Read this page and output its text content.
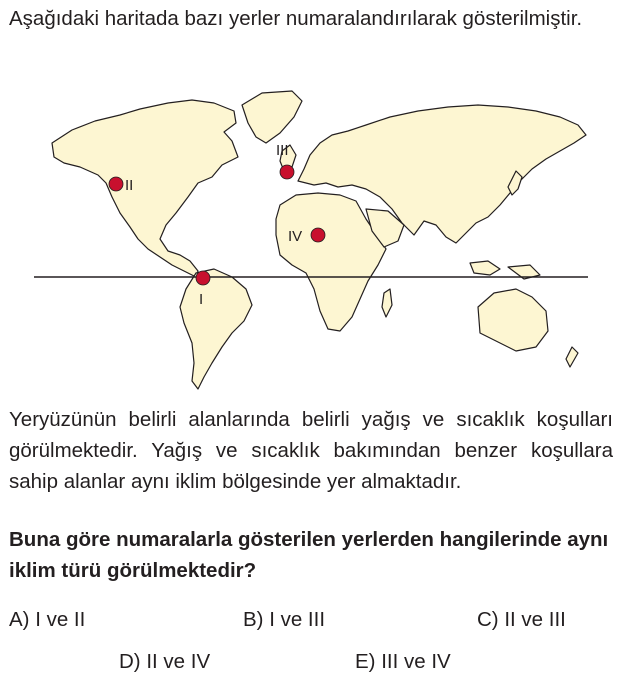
Aşağıdaki haritada bazı yerler numaralandırılarak gösterilmiştir.

II
III
IV
I

Yeryüzünün belirli alanlarında belirli yağış ve sıcaklık koşulları görülmektedir. Yağış ve sıcaklık bakımından benzer koşullara sahip alanlar aynı iklim bölgesinde yer almaktadır.

Buna göre numaralarla gösterilen yerlerden hangilerinde aynı iklim türü görülmektedir?

A) I ve II	B) I ve III	C) II ve III
D) II ve IV	E) III ve IV
